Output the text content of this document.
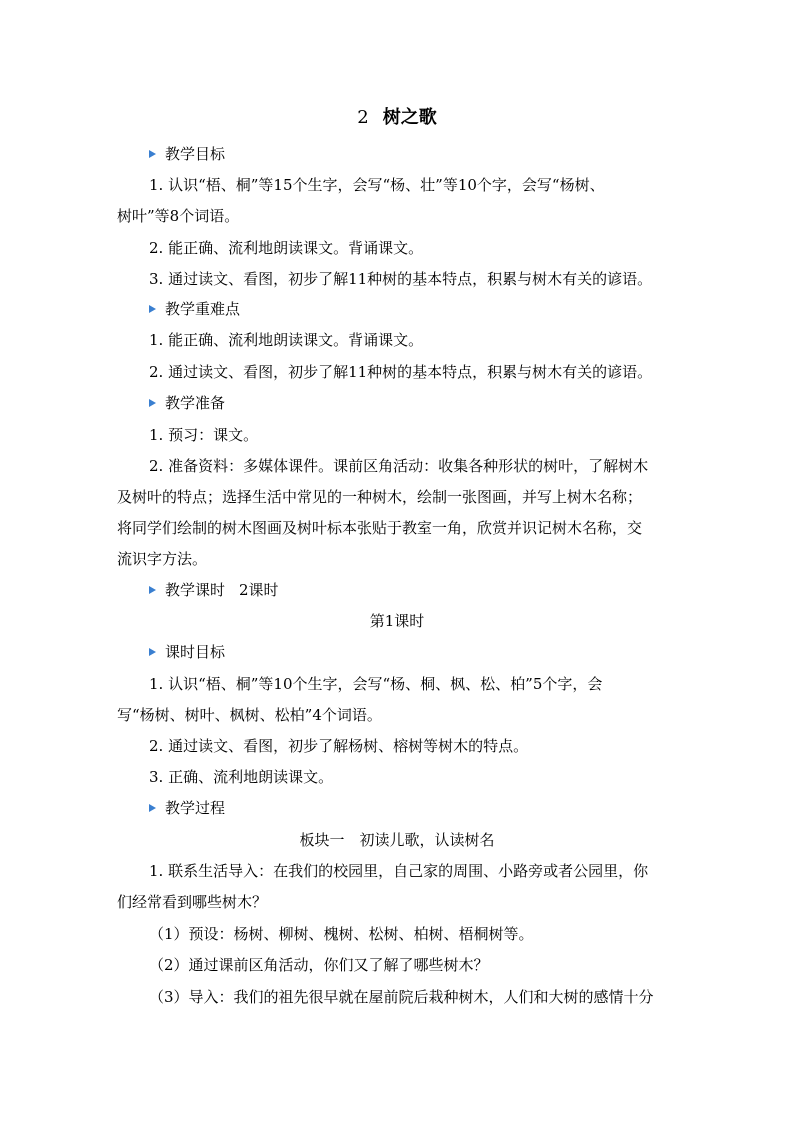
2 树之歌
教学目标
1. 认识“梧、桐”等15个生字，会写“杨、壮”等10个字，会写“杨树、
树叶”等8个词语。
2. 能正确、流利地朗读课文。背诵课文。
3. 通过读文、看图，初步了解11种树的基本特点，积累与树木有关的谚语。
教学重难点
1. 能正确、流利地朗读课文。背诵课文。
2. 通过读文、看图，初步了解11种树的基本特点，积累与树木有关的谚语。
教学准备
1. 预习：课文。
2. 准备资料：多媒体课件。课前区角活动：收集各种形状的树叶，了解树木
及树叶的特点；选择生活中常见的一种树木，绘制一张图画，并写上树木名称；
将同学们绘制的树木图画及树叶标本张贴于教室一角，欣赏并识记树木名称，交
流识字方法。
教学课时 2课时
第1课时
课时目标
1. 认识“梧、桐”等10个生字，会写“杨、桐、枫、松、柏”5个字，会
写“杨树、树叶、枫树、松柏”4个词语。
2. 通过读文、看图，初步了解杨树、榕树等树木的特点。
3. 正确、流利地朗读课文。
教学过程
板块一　初读儿歌，认读树名
1. 联系生活导入：在我们的校园里，自己家的周围、小路旁或者公园里，你
们经常看到哪些树木？
（1）预设：杨树、柳树、槐树、松树、柏树、梧桐树等。
（2）通过课前区角活动，你们又了解了哪些树木？
（3）导入：我们的祖先很早就在屋前院后栽种树木，人们和大树的感情十分
